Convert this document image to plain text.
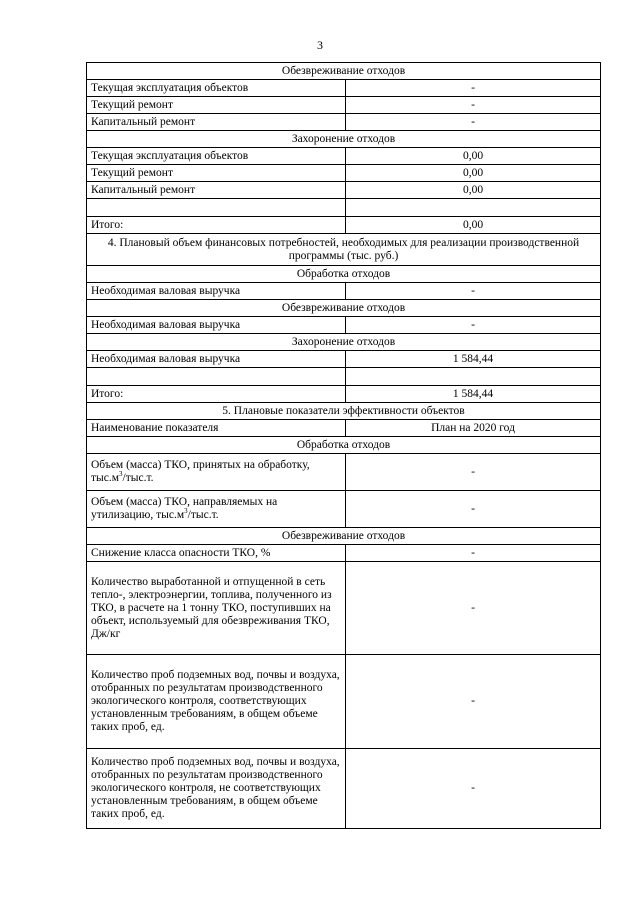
3
Обезвреживание отходов	
Текущая эксплуатация объектов	-
Текущий ремонт	-
Капитальный ремонт	-
Захоронение отходов	
Текущая эксплуатация объектов	0,00
Текущий ремонт	0,00
Капитальный ремонт	0,00

Итого:	0,00
4. Плановый объем финансовых потребностей, необходимых для реализации производственной программы (тыс. руб.)	
Обработка отходов	
Необходимая валовая выручка	-
Обезвреживание отходов	
Необходимая валовая выручка	-
Захоронение отходов	
Необходимая валовая выручка	1 584,44

Итого:	1 584,44
5. Плановые показатели эффективности объектов	
Наименование показателя	План на 2020 год
Обработка отходов	
Объем (масса) ТКО, принятых на обработку, $тыс.м^3/тыс.т$.	-
Объем (масса) ТКО, направляемых на утилизацию, $тыс.м^3/тыс.т$.	-
Обезвреживание отходов	
Снижение класса опасности ТКО, %	-
Количество выработанной и отпущенной в сеть тепло-, электроэнергии, топлива, полученного из ТКО, в расчете на 1 тонну ТКО, поступивших на объект, используемый для обезвреживания ТКО, Дж/кг	-
Количество проб подземных вод, почвы и воздуха, отобранных по результатам производственного экологического контроля, соответствующих установленным требованиям, в общем объеме таких проб, ед.	-
Количество проб подземных вод, почвы и воздуха, отобранных по результатам производственного экологического контроля, не соответствующих установленным требованиям, в общем объеме таких проб, ед.	-
